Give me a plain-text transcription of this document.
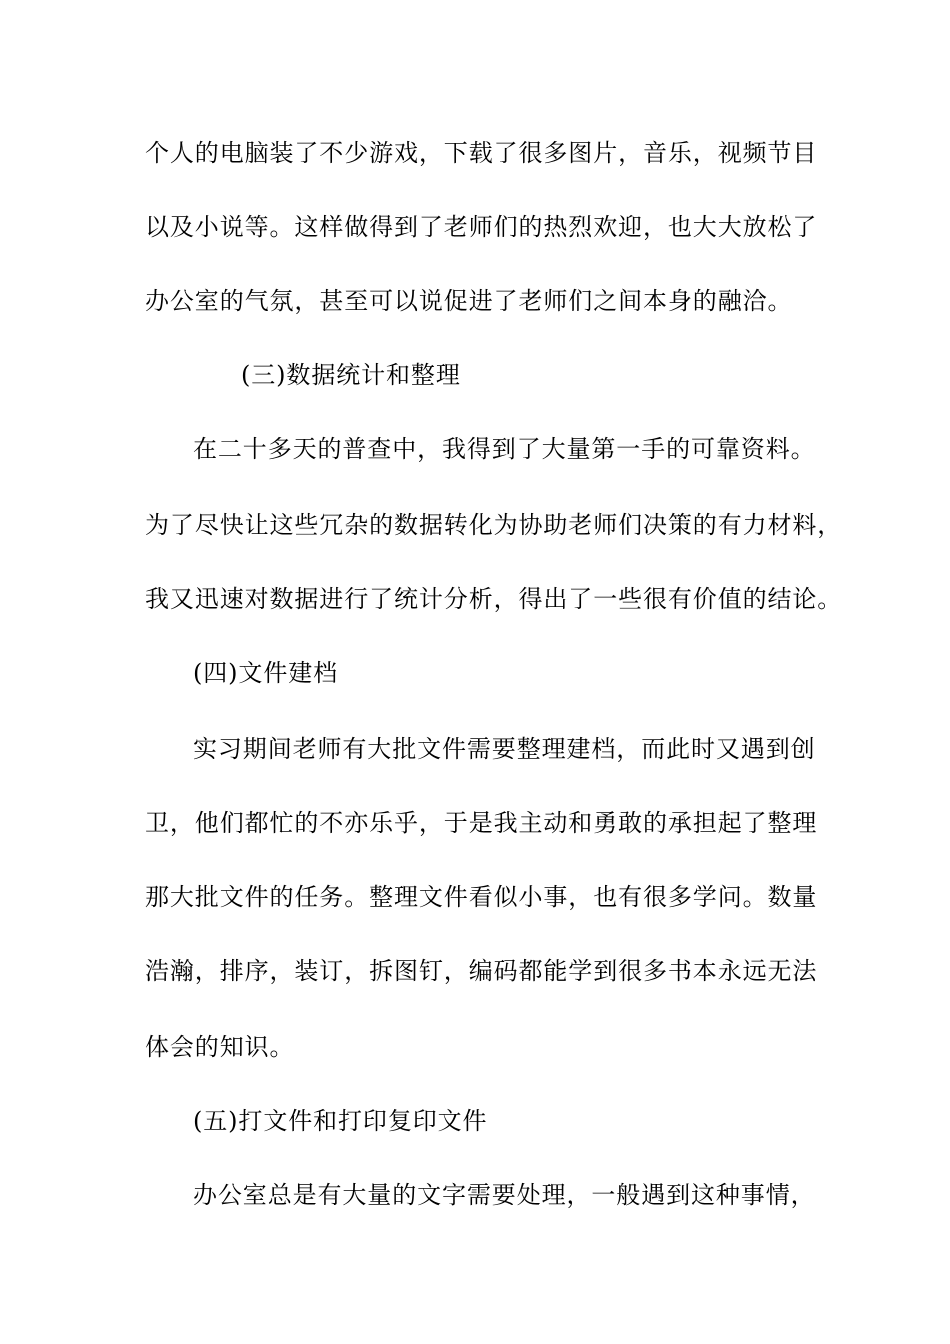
个人的电脑装了不少游戏，下载了很多图片，音乐，视频节目
以及小说等。这样做得到了老师们的热烈欢迎，也大大放松了
办公室的气氛，甚至可以说促进了老师们之间本身的融洽。
(三)数据统计和整理
在二十多天的普查中，我得到了大量第一手的可靠资料。
为了尽快让这些冗杂的数据转化为协助老师们决策的有力材料，
我又迅速对数据进行了统计分析，得出了一些很有价值的结论。
(四)文件建档
实习期间老师有大批文件需要整理建档，而此时又遇到创
卫，他们都忙的不亦乐乎，于是我主动和勇敢的承担起了整理
那大批文件的任务。整理文件看似小事，也有很多学问。数量
浩瀚，排序，装订，拆图钉，编码都能学到很多书本永远无法
体会的知识。
(五)打文件和打印复印文件
办公室总是有大量的文字需要处理，一般遇到这种事情，
